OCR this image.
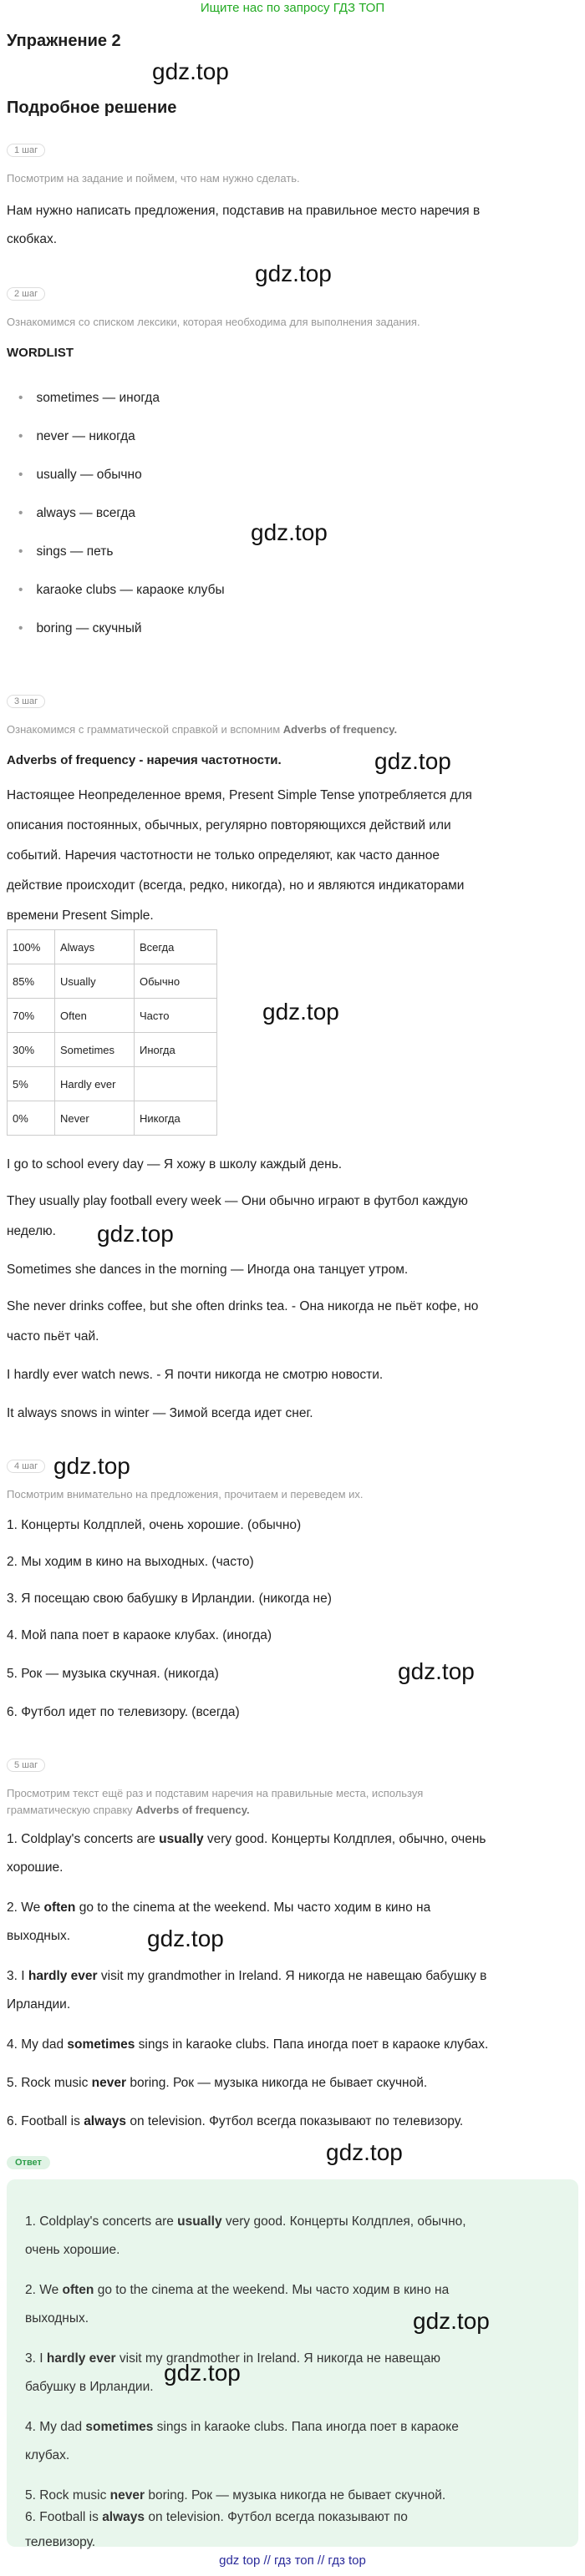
Ищите нас по запросу ГДЗ ТОП
Упражнение 2
gdz.top
Подробное решение
1 шаг
Посмотрим на задание и поймем, что нам нужно сделать.
Нам нужно написать предложения, подставив на правильное место наречия в
скобках.
gdz.top
2 шаг
Ознакомимся со списком лексики, которая необходима для выполнения задания.
WORDLIST
• sometimes — иногда
• never — никогда
• usually — обычно
• always — всегда
• sings — петь
• karaoke clubs — караоке клубы
• boring — скучный
gdz.top
3 шаг
Ознакомимся с грамматической справкой и вспомним Adverbs of frequency.
Adverbs of frequency - наречия частотности.	gdz.top
Настоящее Неопределенное время, Present Simple Tense употребляется для
описания постоянных, обычных, регулярно повторяющихся действий или
событий. Наречия частотности не только определяют, как часто данное
действие происходит (всегда, редко, никогда), но и являются индикаторами
времени Present Simple.
100%	Always	Всегда
85%	Usually	Обычно
70%	Often	Часто
30%	Sometimes	Иногда
5%	Hardly ever	
0%	Never	Никогда
gdz.top
I go to school every day — Я хожу в школу каждый день.
They usually play football every week — Они обычно играют в футбол каждую
неделю. gdz.top
Sometimes she dances in the morning — Иногда она танцует утром.
She never drinks coffee, but she often drinks tea. - Она никогда не пьёт кофе, но
часто пьёт чай.
I hardly ever watch news. - Я почти никогда не смотрю новости.
It always snows in winter — Зимой всегда идет снег.
4 шаг gdz.top
Посмотрим внимательно на предложения, прочитаем и переведем их.
1. Концерты Колдплей, очень хорошие. (обычно)
2. Мы ходим в кино на выходных. (часто)
3. Я посещаю свою бабушку в Ирландии. (никогда не)
4. Мой папа поет в караоке клубах. (иногда)
5. Рок — музыка скучная. (никогда)	gdz.top
6. Футбол идет по телевизору. (всегда)
5 шаг
Просмотрим текст ещё раз и подставим наречия на правильные места, используя
грамматическую справку Adverbs of frequency.
1. Coldplay's concerts are usually very good. Концерты Колдплея, обычно, очень
хорошие.
2. We often go to the cinema at the weekend. Мы часто ходим в кино на
выходных.	gdz.top
3. I hardly ever visit my grandmother in Ireland. Я никогда не навещаю бабушку в
Ирландии.
4. My dad sometimes sings in karaoke clubs. Папа иногда поет в караоке клубах.
5. Rock music never boring. Рок — музыка никогда не бывает скучной.
6. Football is always on television. Футбол всегда показывают по телевизору.
gdz.top
Ответ
1. Coldplay's concerts are usually very good. Концерты Колдплея, обычно,
очень хорошие.
2. We often go to the cinema at the weekend. Мы часто ходим в кино на
выходных.	gdz.top
3. I hardly ever visit my grandmother in Ireland. Я никогда не навещаю
бабушку в Ирландии.
gdz.top
4. My dad sometimes sings in karaoke clubs. Папа иногда поет в караоке
клубах.
5. Rock music never boring. Рок — музыка никогда не бывает скучной.
6. Football is always on television. Футбол всегда показывают по
телевизору.
gdz top // гдз топ // гдз top
